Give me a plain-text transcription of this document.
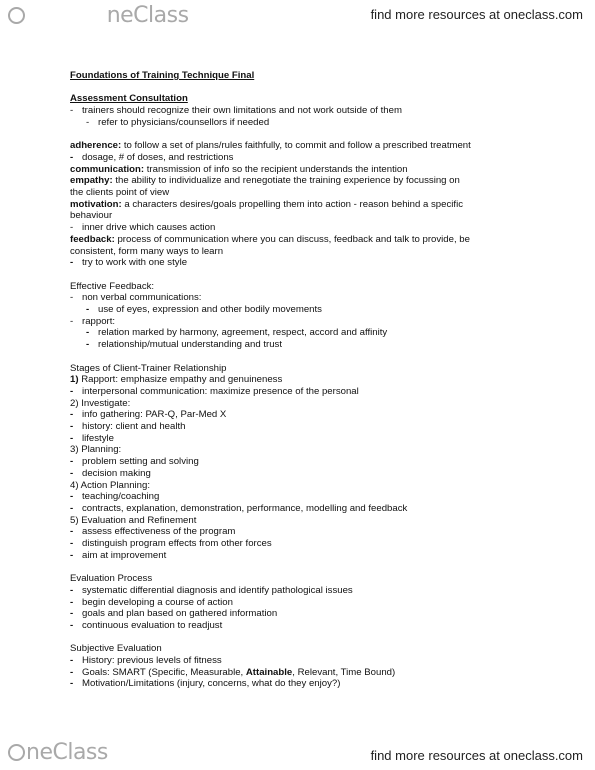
neClass	find more resources at oneclass.com
Foundations of Training Technique Final
Assessment Consultation
- trainers should recognize their own limitations and not work outside of them
- refer to physicians/counsellors if needed
adherence: to follow a set of plans/rules faithfully, to commit and follow a prescribed treatment
- dosage, # of doses, and restrictions
communication: transmission of info so the recipient understands the intention
empathy: the ability to individualize and renegotiate the training experience by focussing on
the clients point of view
motivation: a characters desires/goals propelling them into action - reason behind a specific
behaviour
- inner drive which causes action
feedback: process of communication where you can discuss, feedback and talk to provide, be
consistent, form many ways to learn
- try to work with one style
Effective Feedback:
- non verbal communications:
- use of eyes, expression and other bodily movements
- rapport:
- relation marked by harmony, agreement, respect, accord and affinity
- relationship/mutual understanding and trust
Stages of Client-Trainer Relationship
1) Rapport: emphasize empathy and genuineness
- interpersonal communication: maximize presence of the personal
2) Investigate:
- info gathering: PAR-Q, Par-Med X
- history: client and health
- lifestyle
3) Planning:
- problem setting and solving
- decision making
4) Action Planning:
- teaching/coaching
- contracts, explanation, demonstration, performance, modelling and feedback
5) Evaluation and Refinement
- assess effectiveness of the program
- distinguish program effects from other forces
- aim at improvement
Evaluation Process
- systematic differential diagnosis and identify pathological issues
- begin developing a course of action
- goals and plan based on gathered information
- continuous evaluation to readjust
Subjective Evaluation
- History: previous levels of fitness
- Goals: SMART (Specific, Measurable, Attainable, Relevant, Time Bound)
- Motivation/Limitations (injury, concerns, what do they enjoy?)
neClass	find more resources at oneclass.com
